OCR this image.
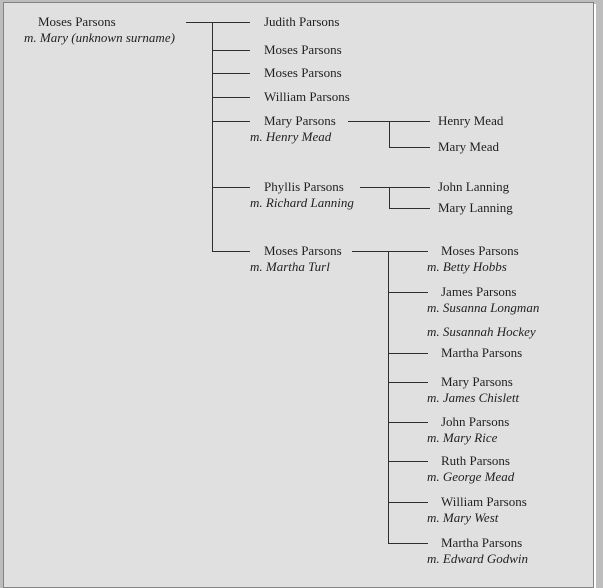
Moses Parsons
m. Mary (unknown surname)
Judith Parsons
Moses Parsons
Moses Parsons
William Parsons
Mary Parsons
m. Henry Mead
Phyllis Parsons
m. Richard Lanning
Moses Parsons
m. Martha Turl
Henry Mead
Mary Mead
John Lanning
Mary Lanning
Moses Parsons
m. Betty Hobbs
James Parsons
m. Susanna Longman
m. Susannah Hockey
Martha Parsons
Mary Parsons
m. James Chislett
John Parsons
m. Mary Rice
Ruth Parsons
m. George Mead
William Parsons
m. Mary West
Martha Parsons
m. Edward Godwin
